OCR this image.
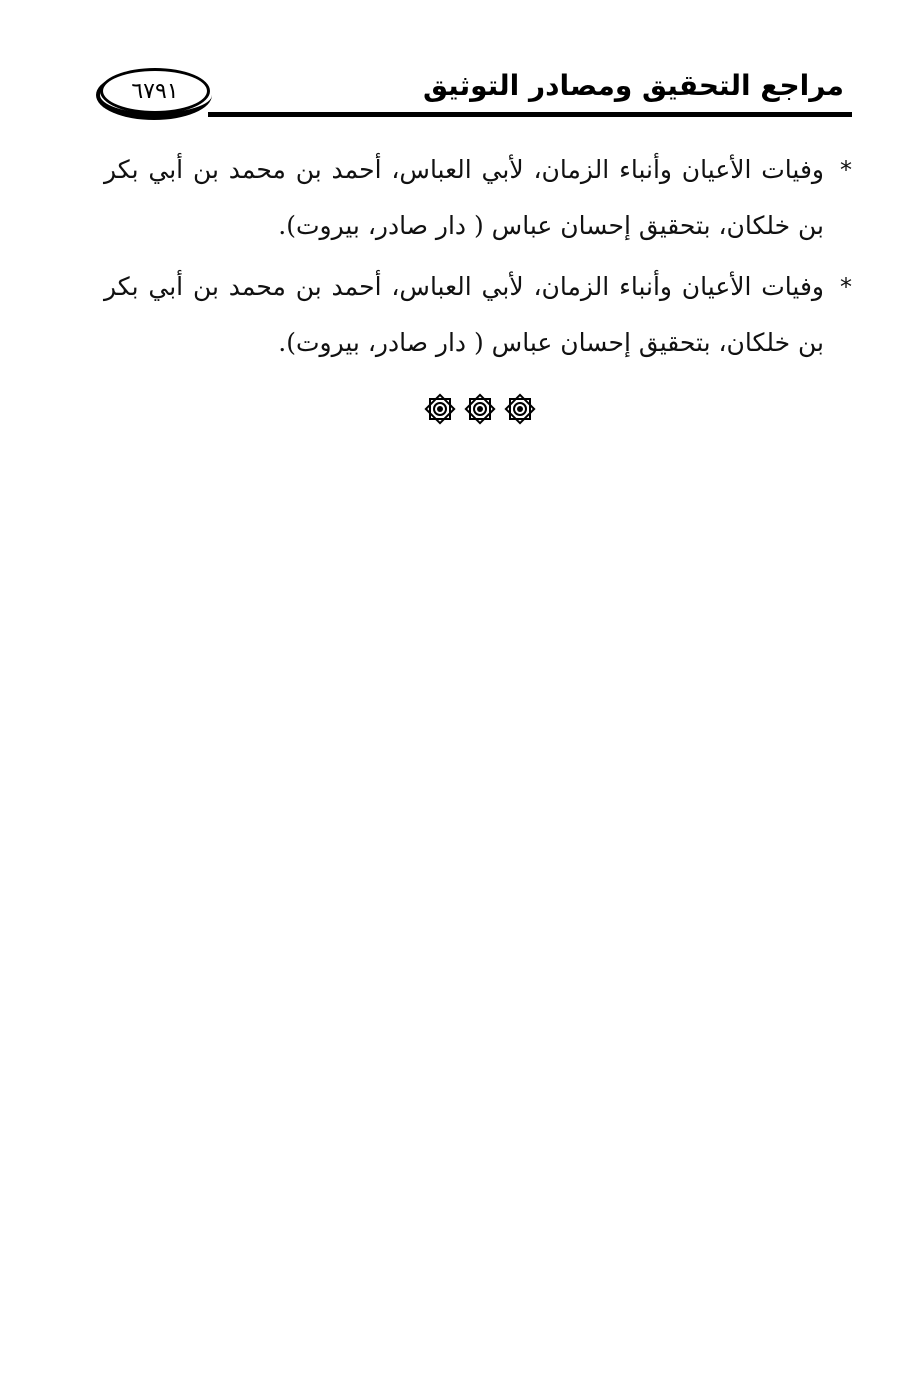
مراجع التحقيق ومصادر التوثيق
٦٧٩١

*وفيات الأعيان وأنباء الزمان، لأبي العباس، أحمد بن محمد بن أبي بكر بن خلكان، بتحقيق إحسان عباس ( دار صادر، بيروت).

*وفيات الأعيان وأنباء الزمان، لأبي العباس، أحمد بن محمد بن أبي بكر بن خلكان، بتحقيق إحسان عباس ( دار صادر، بيروت).
